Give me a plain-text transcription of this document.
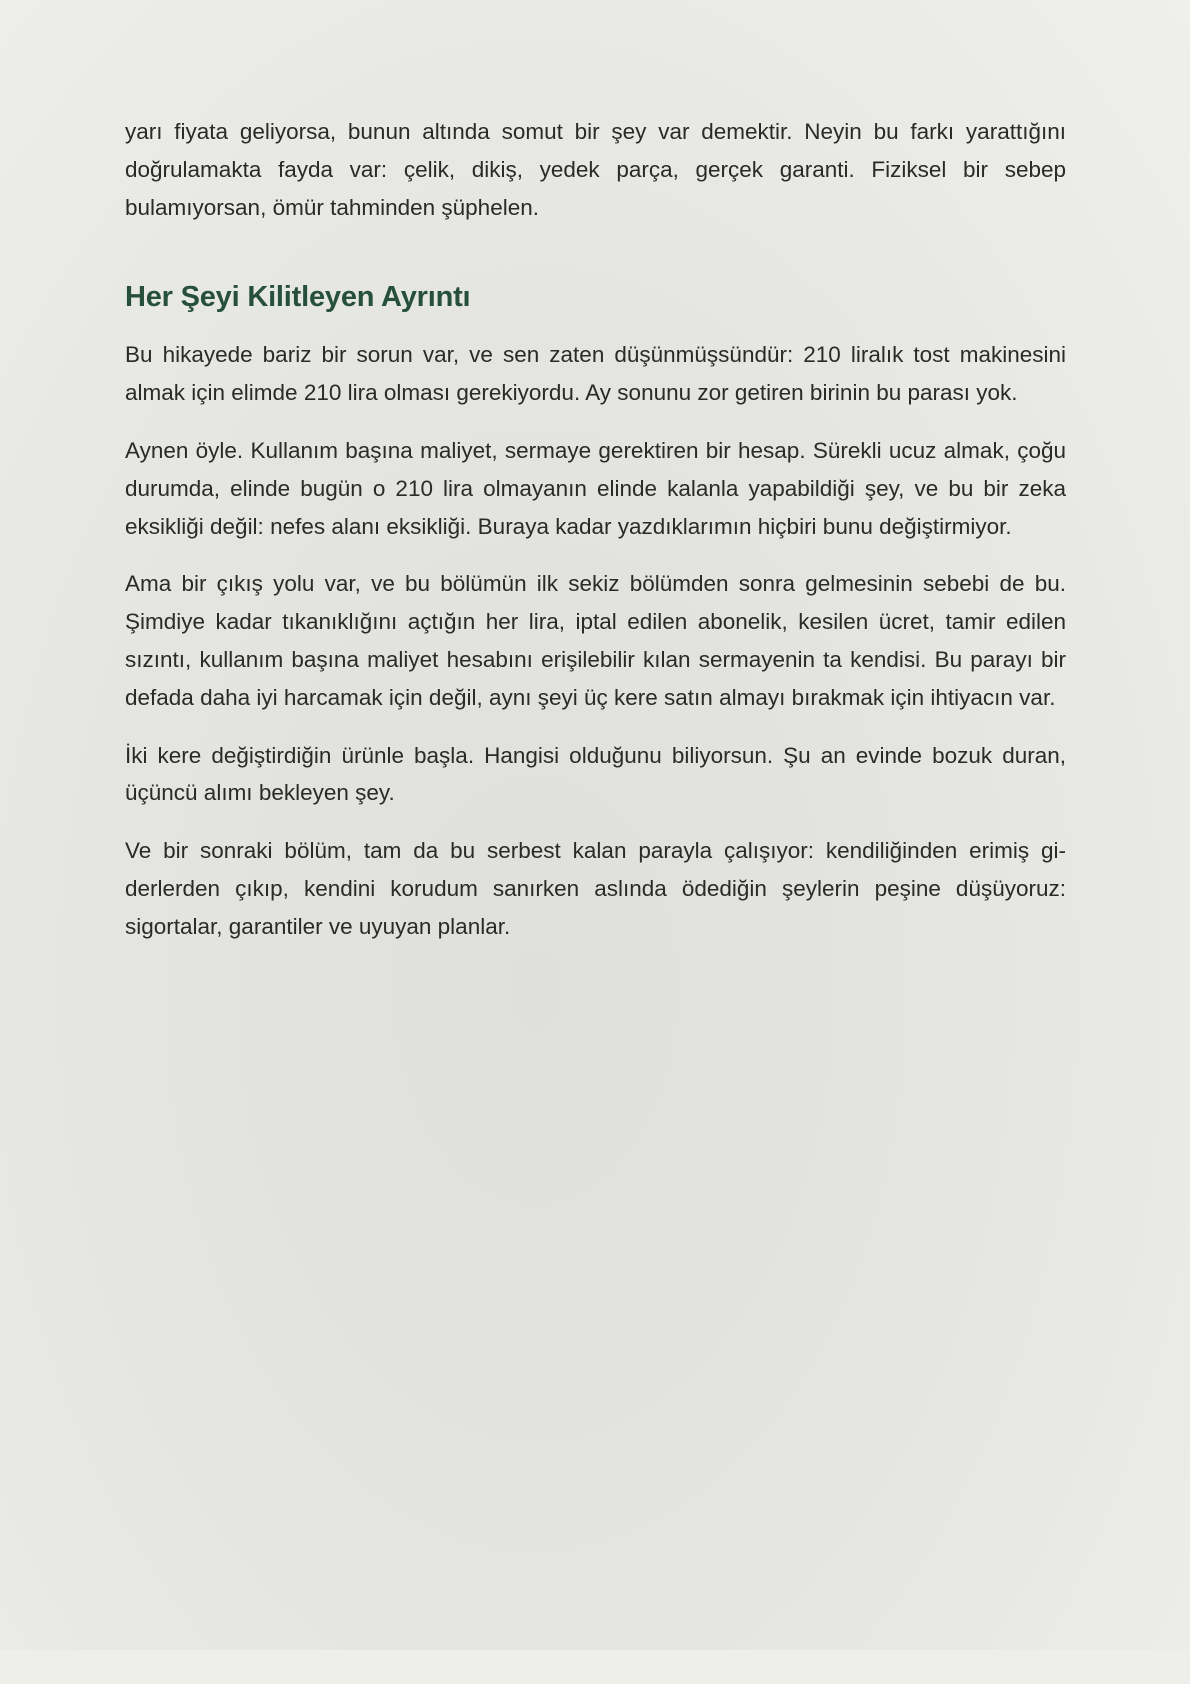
yarı fiyata geliyorsa, bunun altında somut bir şey var demektir. Neyin bu farkı yarattığını doğrulamakta fayda var: çelik, dikiş, yedek parça, gerçek garanti. Fiziksel bir sebep bulamıyorsan, ömür tahminden şüphelen.

Her Şeyi Kilitleyen Ayrıntı

Bu hikayede bariz bir sorun var, ve sen zaten düşünmüşsündür: 210 liralık tost makinesini almak için elimde 210 lira olması gerekiyordu. Ay sonunu zor getiren birinin bu parası yok.

Aynen öyle. Kullanım başına maliyet, sermaye gerektiren bir hesap. Sürekli ucuz almak, çoğu durumda, elinde bugün o 210 lira olmayanın elinde kalanla yapabildiği şey, ve bu bir zeka eksikliği değil: nefes alanı eksikliği. Buraya kadar yazdıklarımın hiçbiri bunu değiştirmiyor.

Ama bir çıkış yolu var, ve bu bölümün ilk sekiz bölümden sonra gelmesinin sebebi de bu. Şimdiye kadar tıkanıklığını açtığın her lira, iptal edilen abonelik, kesilen ücret, tamir edilen sızıntı, kullanım başına maliyet hesabını erişilebilir kılan sermayenin ta kendisi. Bu parayı bir defada daha iyi harcamak için değil, aynı şeyi üç kere satın almayı bırakmak için ihtiyacın var.

İki kere değiştirdiğin ürünle başla. Hangisi olduğunu biliyorsun. Şu an evinde bozuk duran, üçüncü alımı bekleyen şey.

Ve bir sonraki bölüm, tam da bu serbest kalan parayla çalışıyor: kendiliğinden erimiş giderlerden çıkıp, kendini korudum sanırken aslında ödediğin şeylerin peşine düşüyoruz: sigortalar, garantiler ve uyuyan planlar.
